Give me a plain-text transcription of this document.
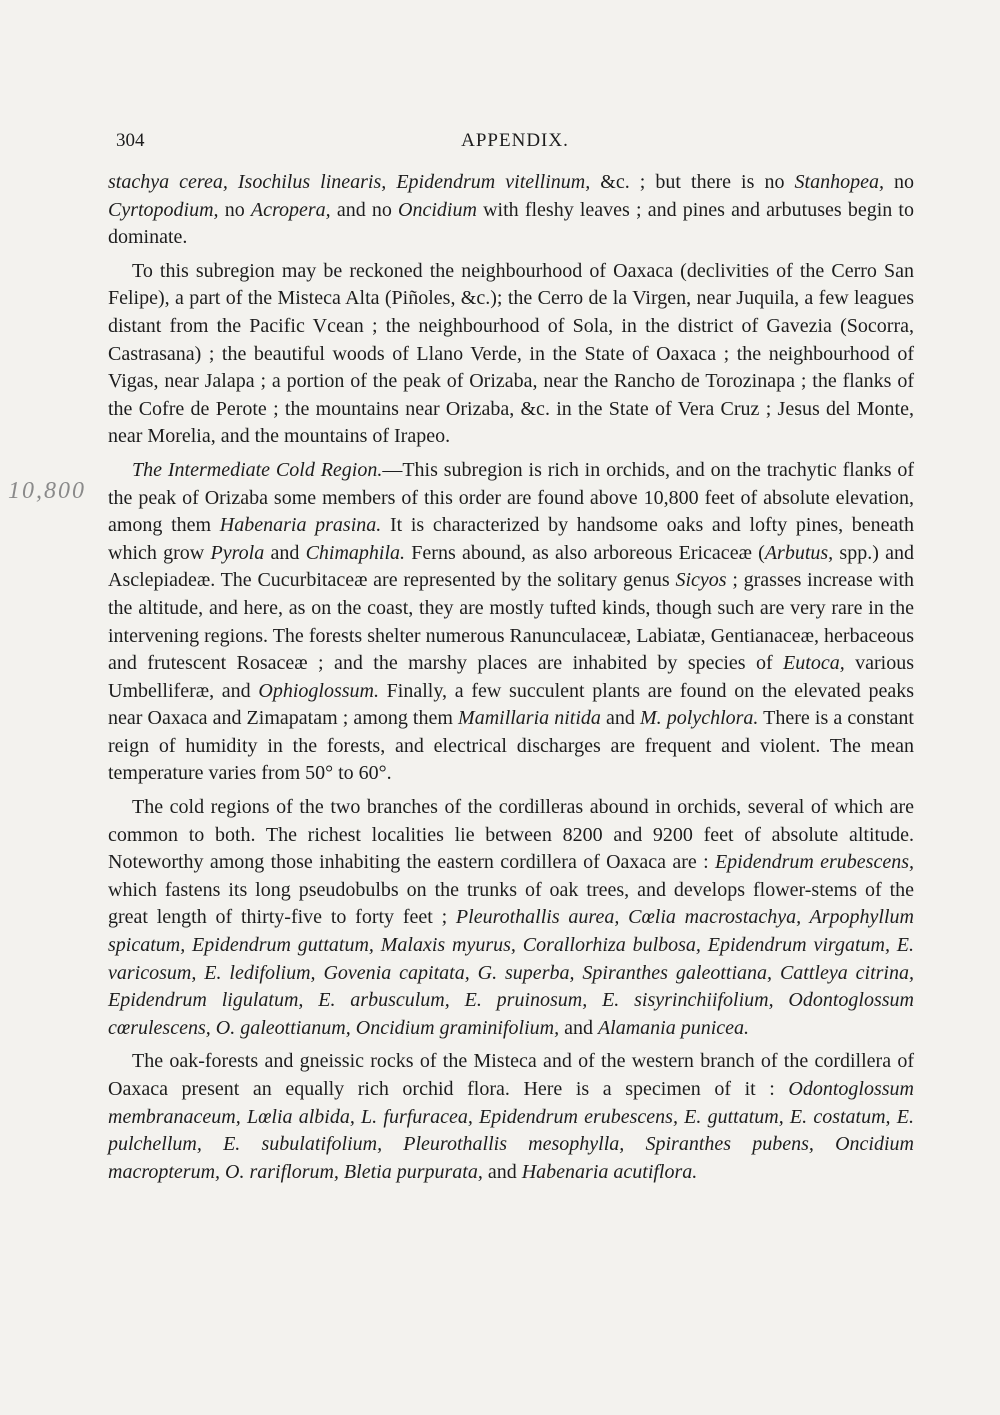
304	APPENDIX.
10,800

stachya cerea, Isochilus linearis, Epidendrum vitellinum, &c. ; but there is no Stanhopea, no Cyrtopodium, no Acropera, and no Oncidium with fleshy leaves ; and pines and arbutuses begin to dominate.

To this subregion may be reckoned the neighbourhood of Oaxaca (declivities of the Cerro San Felipe), a part of the Misteca Alta (Piñoles, &c.); the Cerro de la Virgen, near Juquila, a few leagues distant from the Pacific Vcean ; the neighbourhood of Sola, in the district of Gavezia (Socorra, Castrasana) ; the beautiful woods of Llano Verde, in the State of Oaxaca ; the neighbourhood of Vigas, near Jalapa ; a portion of the peak of Orizaba, near the Rancho de Torozinapa ; the flanks of the Cofre de Perote ; the mountains near Orizaba, &c. in the State of Vera Cruz ; Jesus del Monte, near Morelia, and the mountains of Irapeo.

The Intermediate Cold Region.—This subregion is rich in orchids, and on the trachytic flanks of the peak of Orizaba some members of this order are found above 10,800 feet of absolute elevation, among them Habenaria prasina. It is characterized by handsome oaks and lofty pines, beneath which grow Pyrola and Chimaphila. Ferns abound, as also arboreous Ericaceæ (Arbutus, spp.) and Asclepiadeæ. The Cucurbitaceæ are represented by the solitary genus Sicyos ; grasses increase with the altitude, and here, as on the coast, they are mostly tufted kinds, though such are very rare in the intervening regions. The forests shelter numerous Ranunculaceæ, Labiatæ, Gentianaceæ, herbaceous and frutescent Rosaceæ ; and the marshy places are inhabited by species of Eutoca, various Umbelliferæ, and Ophioglossum. Finally, a few succulent plants are found on the elevated peaks near Oaxaca and Zimapatam ; among them Mamillaria nitida and M. polychlora. There is a constant reign of humidity in the forests, and electrical discharges are frequent and violent. The mean temperature varies from 50° to 60°.

The cold regions of the two branches of the cordilleras abound in orchids, several of which are common to both. The richest localities lie between 8200 and 9200 feet of absolute altitude. Noteworthy among those inhabiting the eastern cordillera of Oaxaca are : Epidendrum erubescens, which fastens its long pseudobulbs on the trunks of oak trees, and develops flower-stems of the great length of thirty-five to forty feet ; Pleurothallis aurea, Cœlia macrostachya, Arpophyllum spicatum, Epidendrum guttatum, Malaxis myurus, Corallorhiza bulbosa, Epidendrum virgatum, E. varicosum, E. ledifolium, Govenia capitata, G. superba, Spiranthes galeottiana, Cattleya citrina, Epidendrum ligulatum, E. arbusculum, E. pruinosum, E. sisyrinchiifolium, Odontoglossum cœrulescens, O. galeottianum, Oncidium graminifolium, and Alamania punicea.

The oak-forests and gneissic rocks of the Misteca and of the western branch of the cordillera of Oaxaca present an equally rich orchid flora. Here is a specimen of it : Odontoglossum membranaceum, Lœlia albida, L. furfuracea, Epidendrum erubescens, E. guttatum, E. costatum, E. pulchellum, E. subulatifolium, Pleurothallis mesophylla, Spiranthes pubens, Oncidium macropterum, O. rariflorum, Bletia purpurata, and Habenaria acutiflora.
